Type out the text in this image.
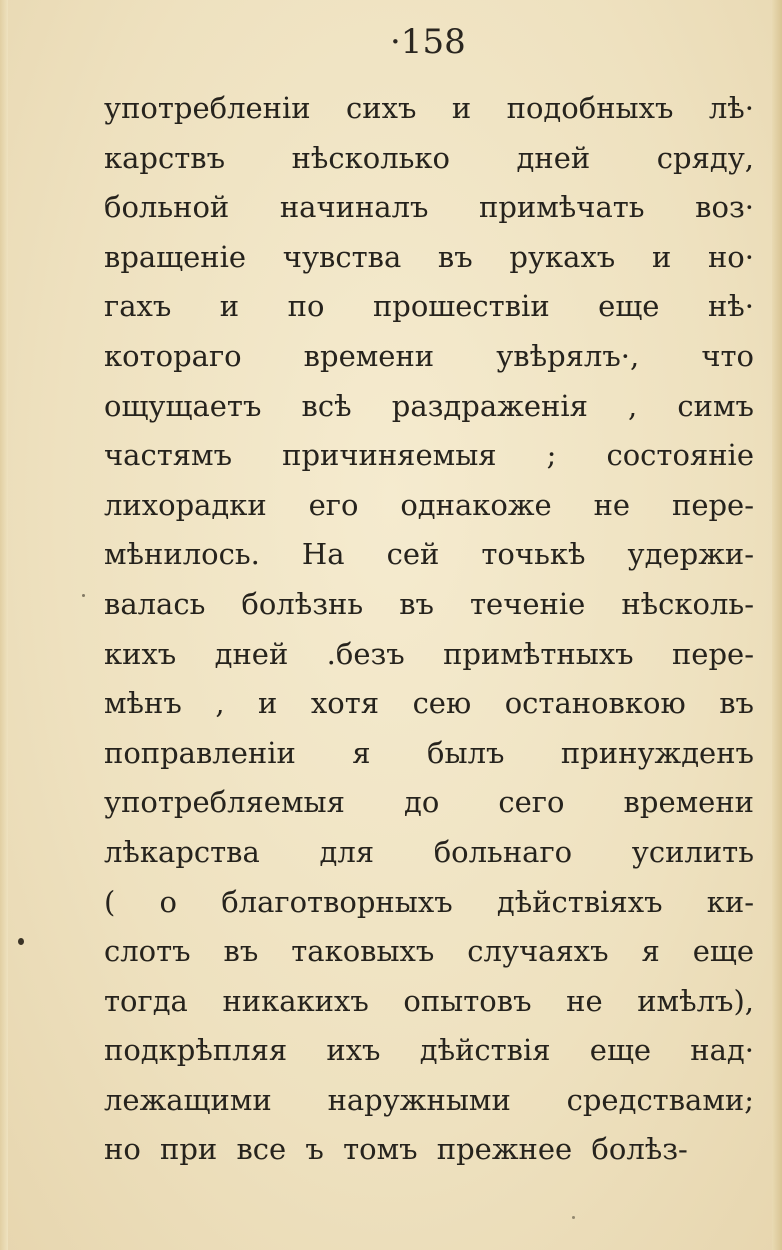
·158
употребленіи сихъ и подобныхъ лѣ·
карствъ нѣсколько дней сряду,
больной начиналъ примѣчать воз·
вращеніе чувства въ рукахъ и но·
гахъ и по прошествіи еще нѣ·
котораго времени увѣрялъ·, что
ощущаетъ всѣ раздраженія , симъ
частямъ причиняемыя ; состояніе
лихорадки его однакоже не пере-
мѣнилось. На сей точькѣ удержи-
валась болѣзнь въ теченіе нѣсколь-
кихъ дней .безъ примѣтныхъ пере-
мѣнъ , и хотя сею остановкою въ
поправленіи я былъ принужденъ
употребляемыя до сего времени
лѣкарства для больнаго усилить
( о благотворныхъ дѣйствіяхъ ки-
слотъ въ таковыхъ случаяхъ я еще
тогда никакихъ опытовъ не имѣлъ),
подкрѣпляя ихъ дѣйствія еще над·
лежащими наружными средствами;
но при все ъ томъ прежнее болѣз-
